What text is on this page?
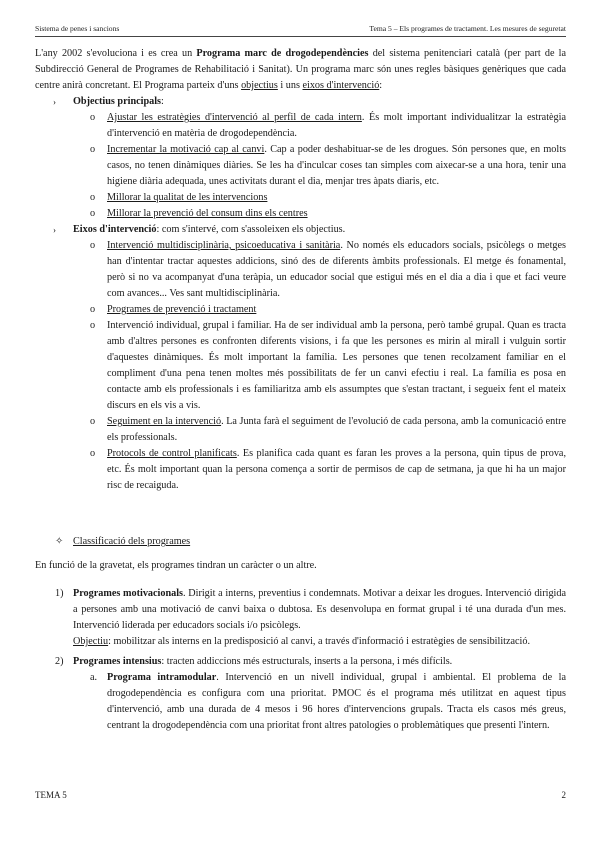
Sistema de penes i sancions	Tema 5 – Els programes de tractament. Les mesures de seguretat

L'any 2002 s'evoluciona i es crea un Programa marc de drogodependències del sistema penitenciari català (per part de la Subdirecció General de Programes de Rehabilitació i Sanitat). Un programa marc són unes regles bàsiques genèriques que cada centre anirà concretant. El Programa parteix d'uns objectius i uns eixos d'intervenció:

› Objectius principals:
o Ajustar les estratègies d'intervenció al perfil de cada intern. És molt important individualitzar la estratègia d'intervenció en matèria de drogodependència.
o Incrementar la motivació cap al canvi. Cap a poder deshabituar-se de les drogues. Són persones que, en molts casos, no tenen dinàmiques diàries. Se les ha d'inculcar coses tan simples com aixecar-se a una hora, tenir una higiene diària adequada, unes activitats durant el dia, menjar tres àpats diaris, etc.
o Millorar la qualitat de les intervencions
o Millorar la prevenció del consum dins els centres
› Eixos d'intervenció: com s'intervé, com s'assoleixen els objectius.
o Intervenció multidisciplinària, psicoeducativa i sanitària. No només els educadors socials, psicòlegs o metges han d'intentar tractar aquestes addicions, sinó des de diferents àmbits professionals. El metge és fonamental, però si no va acompanyat d'una teràpia, un educador social que estigui més en el dia a dia i que et faci veure com avances... Ves sant multidisciplinària.
o Programes de prevenció i tractament
o Intervenció individual, grupal i familiar. Ha de ser individual amb la persona, però també grupal. Quan es tracta amb d'altres persones es confronten diferents visions, i fa que les persones es mirin al mirall i vulguin sortir d'aquestes dinàmiques. És molt important la família. Les persones que tenen recolzament familiar en el compliment d'una pena tenen moltes més possibilitats de fer un canvi efectiu i real. La família es posa en contacte amb els professionals i es familiaritza amb els assumptes que s'estan tractant, i segueix fent el mateix discurs en els vis a vis.
o Seguiment en la intervenció. La Junta farà el seguiment de l'evolució de cada persona, amb la comunicació entre els professionals.
o Protocols de control planificats. Es planifica cada quant es faran les proves a la persona, quin tipus de prova, etc. És molt important quan la persona comença a sortir de permisos de cap de setmana, ja que hi ha un major risc de recaiguda.
✧ Classificació dels programes

En funció de la gravetat, els programes tindran un caràcter o un altre.

1) Programes motivacionals. Dirigit a interns, preventius i condemnats. Motivar a deixar les drogues. Intervenció dirigida a persones amb una motivació de canvi baixa o dubtosa. Es desenvolupa en format grupal i té una durada d'un mes. Intervenció liderada per educadors socials i/o psicòlegs.
Objectiu: mobilitzar als interns en la predisposició al canvi, a través d'informació i estratègies de sensibilització.
2) Programes intensius: tracten addiccions més estructurals, inserts a la persona, i més difícils.
a. Programa intramodular. Intervenció en un nivell individual, grupal i ambiental. El problema de la drogodependència es configura com una prioritat. PMOC és el programa més utilitzat en aquest tipus d'intervenció, amb una durada de 4 mesos i 96 hores d'intervencions grupals. Tracta els casos més greus, centrant la drogodependència com una prioritat front altres patologies o problemàtiques que presenti l'intern.
TEMA 5	2
